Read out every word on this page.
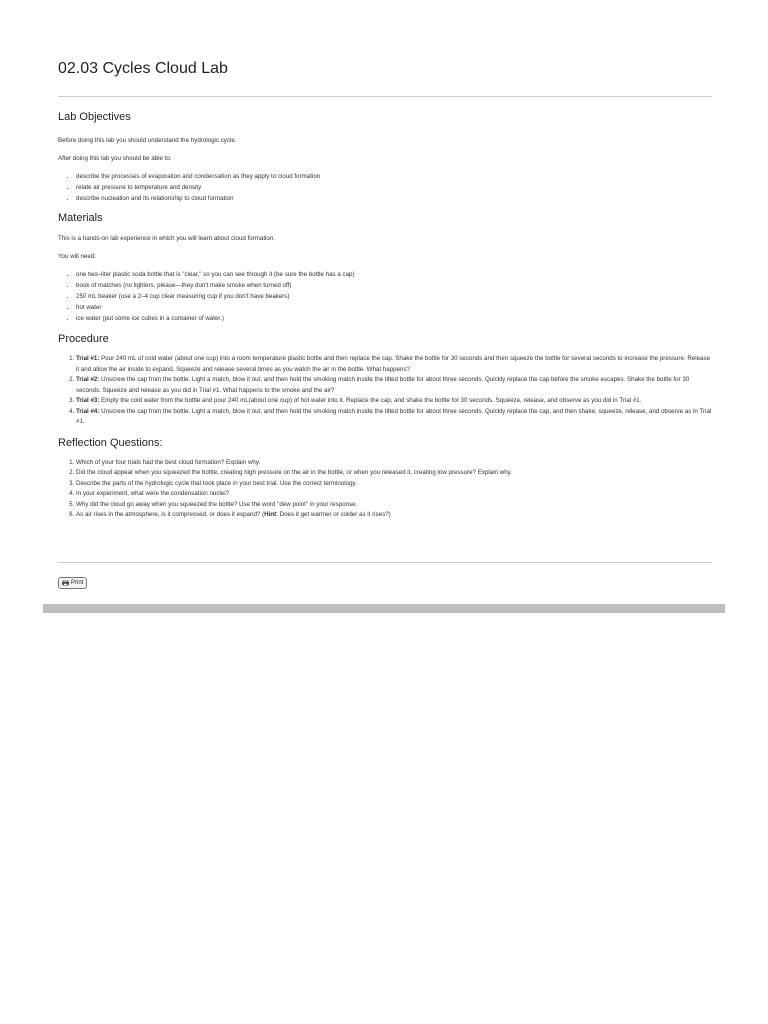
02.03 Cycles Cloud Lab
Lab Objectives

Before doing this lab you should understand the hydrologic cycle.

After doing this lab you should be able to:

• describe the processes of evaporation and condensation as they apply to cloud formation
• relate air pressure to temperature and density
• describe nucleation and its relationship to cloud formation
Materials

This is a hands-on lab experience in which you will learn about cloud formation.

You will need:

• one two–liter plastic soda bottle that is "clear," so you can see through it (be sure the bottle has a cap)
• book of matches (no lighters, please—they don't make smoke when turned off)
• 250 mL beaker (use a 2–4 cup clear measuring cup if you don't have beakers)
• hot water
• ice water (put some ice cubes in a container of water.)
Procedure
1. Trial #1: Pour 240 mL of cold water (about one cup) into a room temperature plastic bottle and then replace the cap. Shake the bottle for 30 seconds and then squeeze the bottle for several seconds to increase the pressure. Release it and allow the air inside to expand. Squeeze and release several times as you watch the air in the bottle. What happens?
2. Trial #2: Unscrew the cap from the bottle. Light a match, blow it out, and then hold the smoking match inside the tilted bottle for about three seconds. Quickly replace the cap before the smoke escapes. Shake the bottle for 30 seconds. Squeeze and release as you did in Trial #1. What happens to the smoke and the air?
3. Trial #3: Empty the cold water from the bottle and pour 240 mL(about one cup) of hot water into it. Replace the cap, and shake the bottle for 30 seconds. Squeeze, release, and observe as you did in Trial #1.
4. Trial #4: Unscrew the cap from the bottle. Light a match, blow it out, and then hold the smoking match inside the tilted bottle for about three seconds. Quickly replace the cap, and then shake, squeeze, release, and observe as in Trial #1.
Reflection Questions:
1. Which of your four trials had the best cloud formation? Explain why.
2. Did the cloud appear when you squeezed the bottle, creating high pressure on the air in the bottle, or when you released it, creating low pressure? Explain why.
3. Describe the parts of the hydrologic cycle that took place in your best trial. Use the correct terminology.
4. In your experiment, what were the condensation nuclei?
5. Why did the cloud go away when you squeezed the bottle? Use the word "dew point" in your response.
6. As air rises in the atmosphere, is it compressed, or does it expand? (Hint: Does it get warmer or colder as it rises?)
Print
